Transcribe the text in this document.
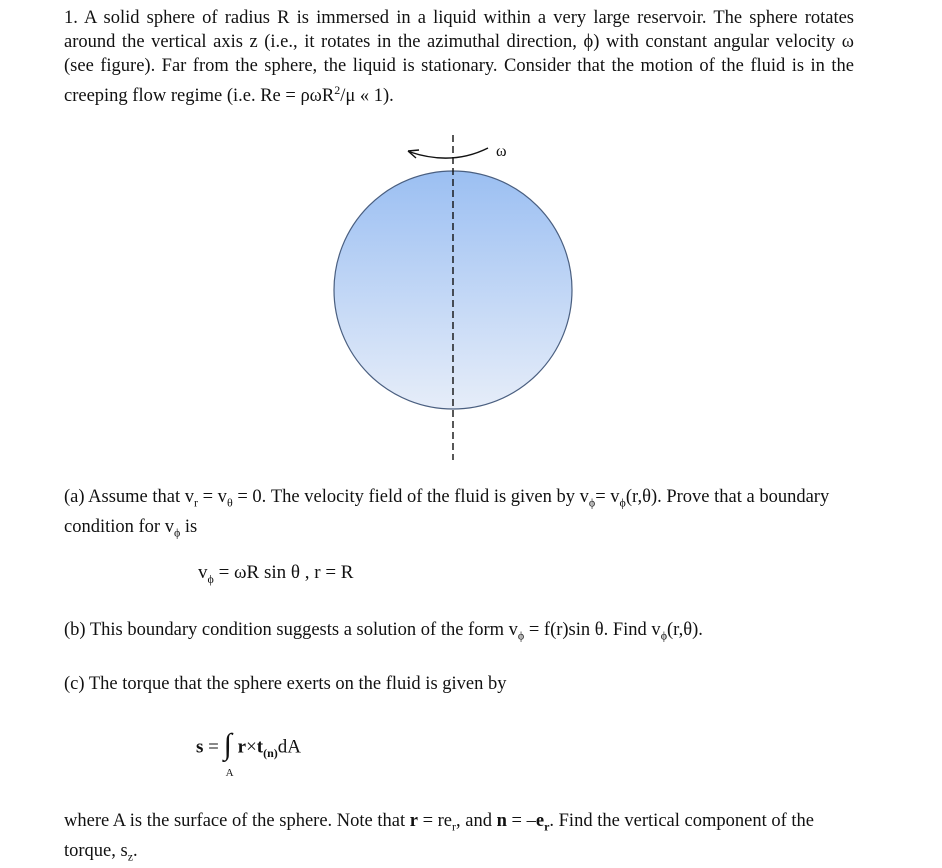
1. A solid sphere of radius R is immersed in a liquid within a very large reservoir. The sphere rotates around the vertical axis z (i.e., it rotates in the azimuthal direction, ϕ) with constant angular velocity ω (see figure). Far from the sphere, the liquid is stationary. Consider that the motion of the fluid is in the creeping flow regime (i.e. Re = ρωR$^2$/μ « 1).
ω
(a) Assume that $v_r = v_\theta = 0$. The velocity field of the fluid is given by $v_\phi= v_\phi(r,\theta)$. Prove that a boundary condition for $v_\phi$ is
$v_\phi = \omega R$ sin θ , r = R
(b) This boundary condition suggests a solution of the form $v_\phi = f(r)\sin$ θ. Find $v_\phi(r,\theta)$.
(c) The torque that the sphere exerts on the fluid is given by
s = ∫
A
$r\times t_{(n)}dA$
where A is the surface of the sphere. Note that $r = re_r$, and $n = -e_r$. Find the vertical component of the torque, $s_z$.
